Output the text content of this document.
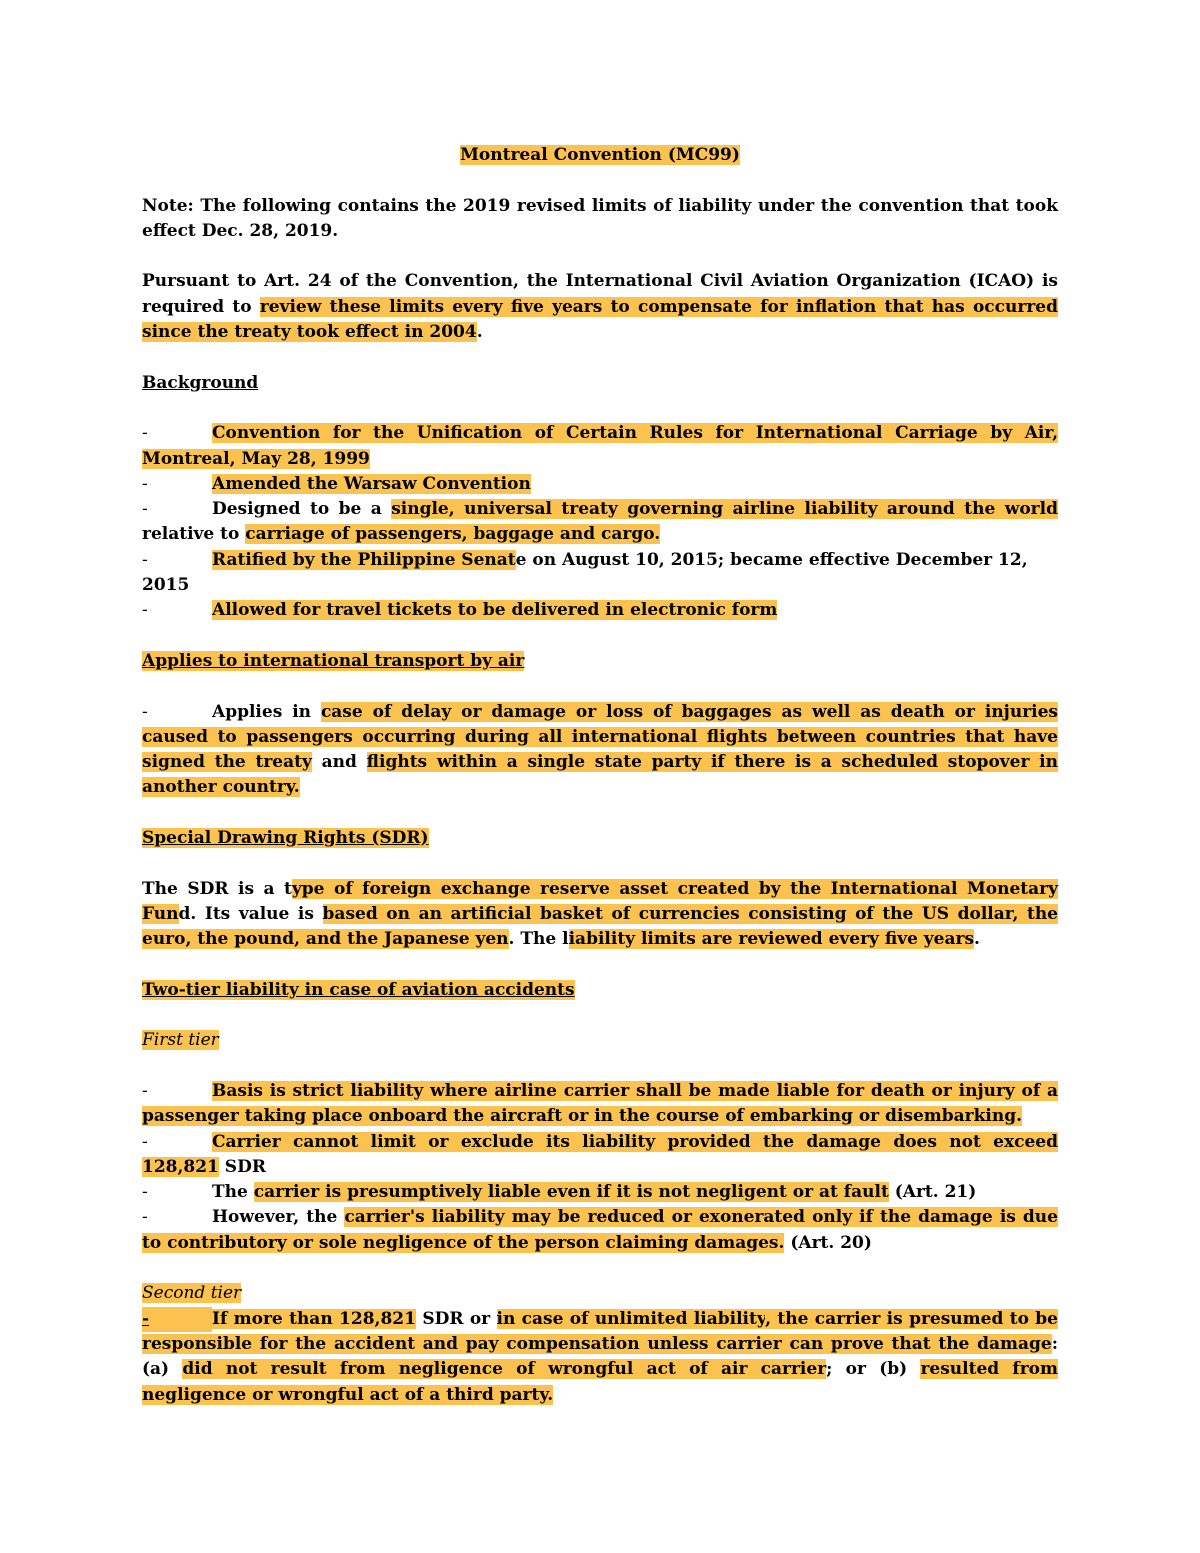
Montreal Convention (MC99)

Note: The following contains the 2019 revised limits of liability under the convention that took effect Dec. 28, 2019.

Pursuant to Art. 24 of the Convention, the International Civil Aviation Organization (ICAO) is required to review these limits every five years to compensate for inflation that has occurred since the treaty took effect in 2004.

Background

-	Convention for the Unification of Certain Rules for International Carriage by Air, Montreal, May 28, 1999

-	Amended the Warsaw Convention

-	Designed to be a single, universal treaty governing airline liability around the world relative to carriage of passengers, baggage and cargo.

-	Ratified by the Philippine Senate on August 10, 2015; became effective December 12, 2015

-	Allowed for travel tickets to be delivered in electronic form

Applies to international transport by air

-	Applies in case of delay or damage or loss of baggages as well as death or injuries caused to passengers occurring during all international flights between countries that have signed the treaty and flights within a single state party if there is a scheduled stopover in another country.

Special Drawing Rights (SDR)

The SDR is a type of foreign exchange reserve asset created by the International Monetary Fund. Its value is based on an artificial basket of currencies consisting of the US dollar, the euro, the pound, and the Japanese yen. The liability limits are reviewed every five years.

Two-tier liability in case of aviation accidents

First tier

-	Basis is strict liability where airline carrier shall be made liable for death or injury of a passenger taking place onboard the aircraft or in the course of embarking or disembarking.

-	Carrier cannot limit or exclude its liability provided the damage does not exceed 128,821 SDR

-	The carrier is presumptively liable even if it is not negligent or at fault (Art. 21)

-	However, the carrier's liability may be reduced or exonerated only if the damage is due to contributory or sole negligence of the person claiming damages. (Art. 20)

Second tier

-	If more than 128,821 SDR or in case of unlimited liability, the carrier is presumed to be responsible for the accident and pay compensation unless carrier can prove that the damage: (a) did not result from negligence of wrongful act of air carrier; or (b) resulted from negligence or wrongful act of a third party.
